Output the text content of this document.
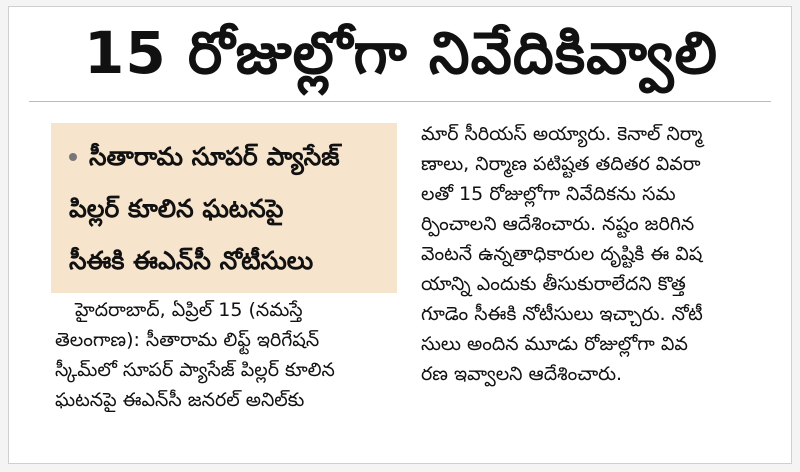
15 రోజుల్లోగా నివేదికివ్వాలి
సీతారామ సూపర్ ప్యాసేజ్
పిల్లర్ కూలిన ఘటనపై
సీఈకి ఈఎన్‌సీ నోటీసులు
హైదరాబాద్, ఏప్రిల్ 15 (నమస్తే
తెలంగాణ): సీతారామ లిఫ్ట్ ఇరిగేషన్
స్కీమ్‌లో సూపర్ ప్యాసేజ్ పిల్లర్ కూలిన
ఘటనపై ఈఎన్‌సీ జనరల్ అనిల్‌కు
మార్ సీరియస్ అయ్యారు. కెనాల్ నిర్మా
ణాలు, నిర్మాణ పటిష్టత తదితర వివరా
లతో 15 రోజుల్లోగా నివేదికను సమ
ర్పించాలని ఆదేశించారు. నష్టం జరిగిన
వెంటనే ఉన్నతాధికారుల దృష్టికి ఈ విష
యాన్ని ఎందుకు తీసుకురాలేదని కొత్త
గూడెం సీఈకి నోటీసులు ఇచ్చారు. నోటీ
సులు అందిన మూడు రోజుల్లోగా వివ
రణ ఇవ్వాలని ఆదేశించారు.
